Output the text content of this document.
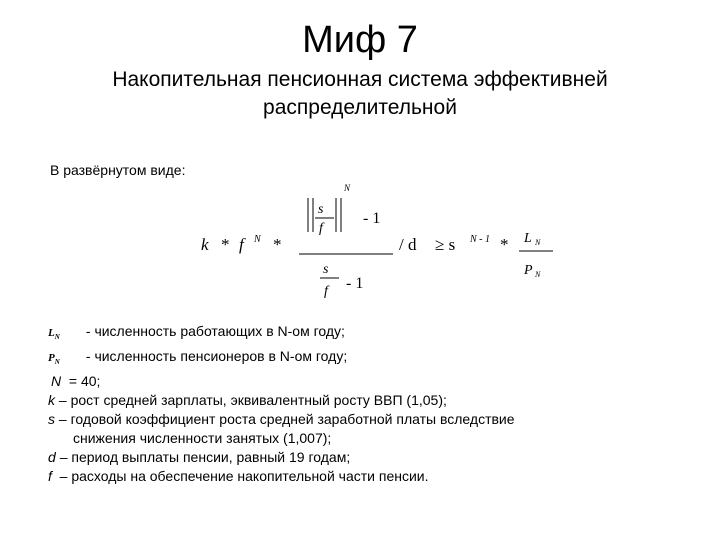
Миф 7
Накопительная пенсионная система эффективней распределительной
В развёрнутом виде:
k * f N *
s
f
N
- 1
s
f - 1
/ d ≥ s N - 1 * L N
P N
$L_N$ - численность работающих в N-ом году;
$P_N$ - численность пенсионеров в N-ом году;
N = 40;
k – рост средней зарплаты, эквивалентный росту ВВП (1,05);
s – годовой коэффициент роста средней заработной платы вследствие
снижения численности занятых (1,007);
d – период выплаты пенсии, равный 19 годам;
f – расходы на обеспечение накопительной части пенсии.
